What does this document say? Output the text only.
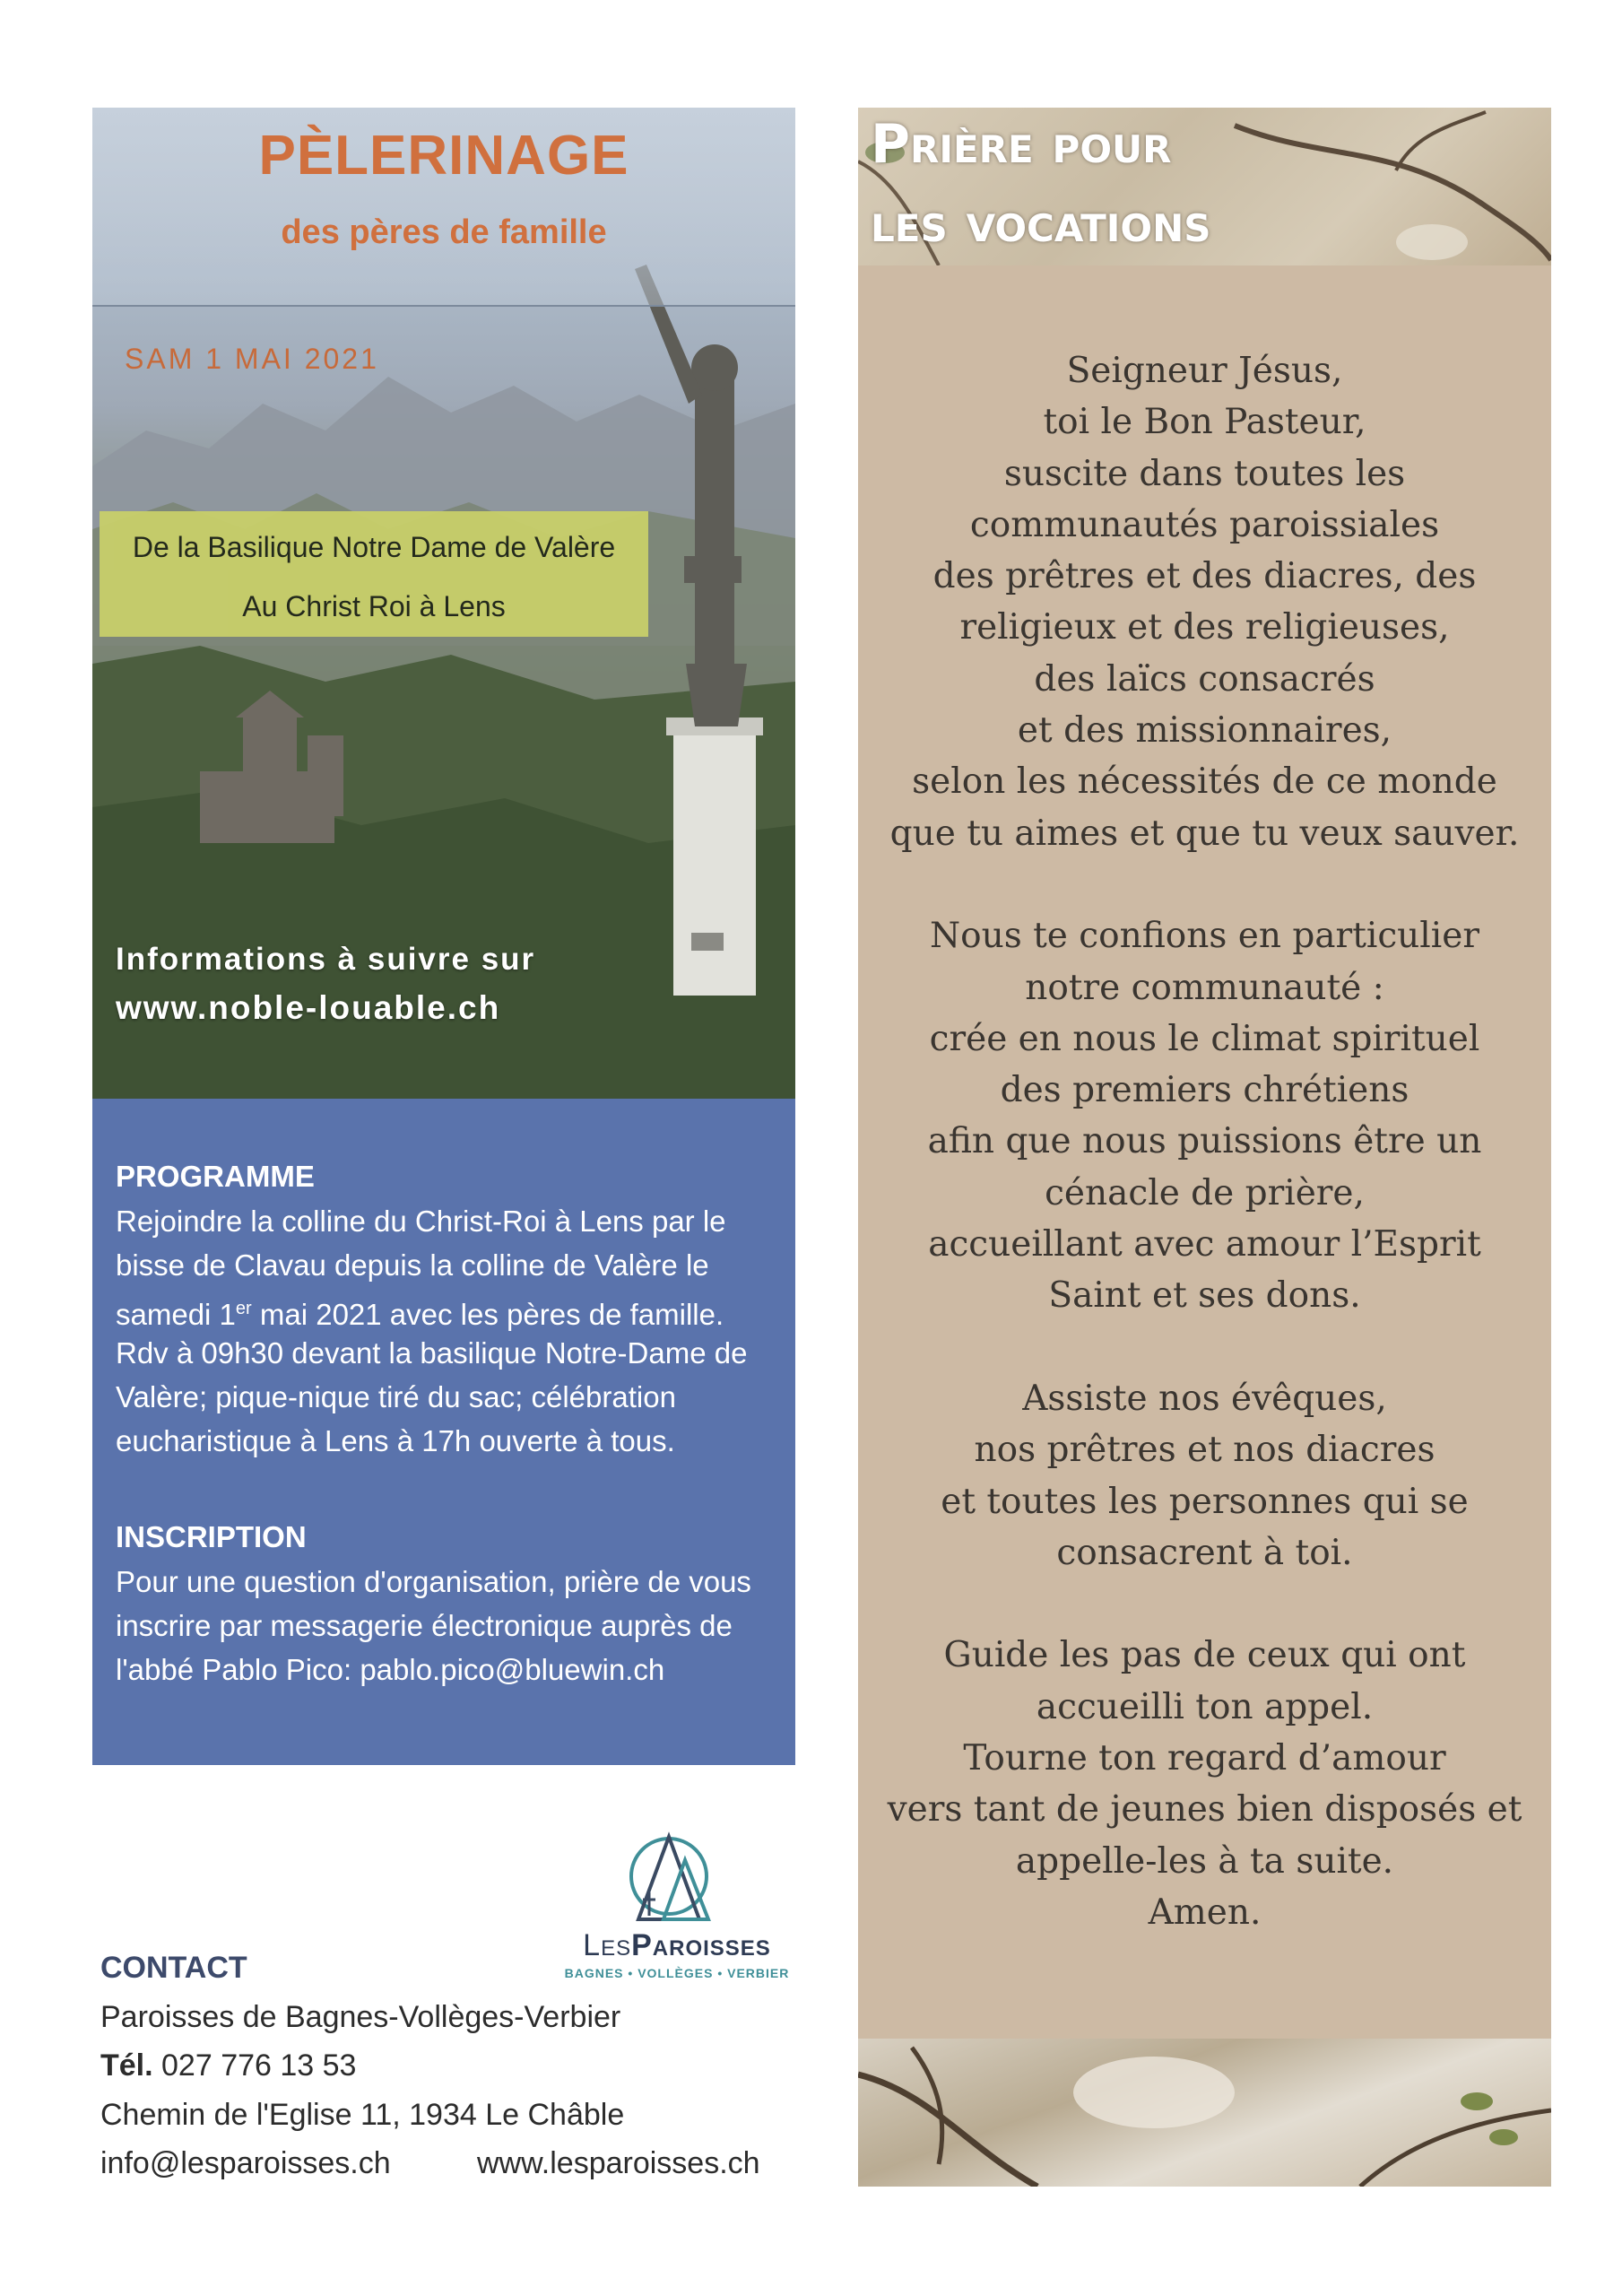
PÈLERINAGE
des pères de famille
SAM 1 MAI 2021
De la Basilique Notre Dame de Valère
Au Christ Roi à Lens
Informations à suivre sur
www.noble-louable.ch
PROGRAMME
Rejoindre la colline du Christ-Roi à Lens par le
bisse de Clavau depuis la colline de Valère le
samedi 1er mai 2021 avec les pères de famille.
Rdv à 09h30 devant la basilique Notre-Dame de
Valère; pique-nique tiré du sac; célébration
eucharistique à Lens à 17h ouverte à tous.
INSCRIPTION
Pour une question d'organisation, prière de vous
inscrire par messagerie électronique auprès de
l'abbé Pablo Pico: pablo.pico@bluewin.ch
LesParoisses
BAGNES • VOLLÈGES • VERBIER
CONTACT
Paroisses de Bagnes-Vollèges-Verbier
Tél. 027 776 13 53
Chemin de l'Eglise 11, 1934 Le Châble
info@lesparoisses.ch	www.lesparoisses.ch
Prière pour
les vocations
Seigneur Jésus,
toi le Bon Pasteur,
suscite dans toutes les
communautés paroissiales
des prêtres et des diacres, des
religieux et des religieuses,
des laïcs consacrés
et des missionnaires,
selon les nécessités de ce monde
que tu aimes et que tu veux sauver.
Nous te confions en particulier
notre communauté :
crée en nous le climat spirituel
des premiers chrétiens
afin que nous puissions être un
cénacle de prière,
accueillant avec amour l’Esprit
Saint et ses dons.
Assiste nos évêques,
nos prêtres et nos diacres
et toutes les personnes qui se
consacrent à toi.
Guide les pas de ceux qui ont
accueilli ton appel.
Tourne ton regard d’amour
vers tant de jeunes bien disposés et
appelle-les à ta suite.
Amen.
